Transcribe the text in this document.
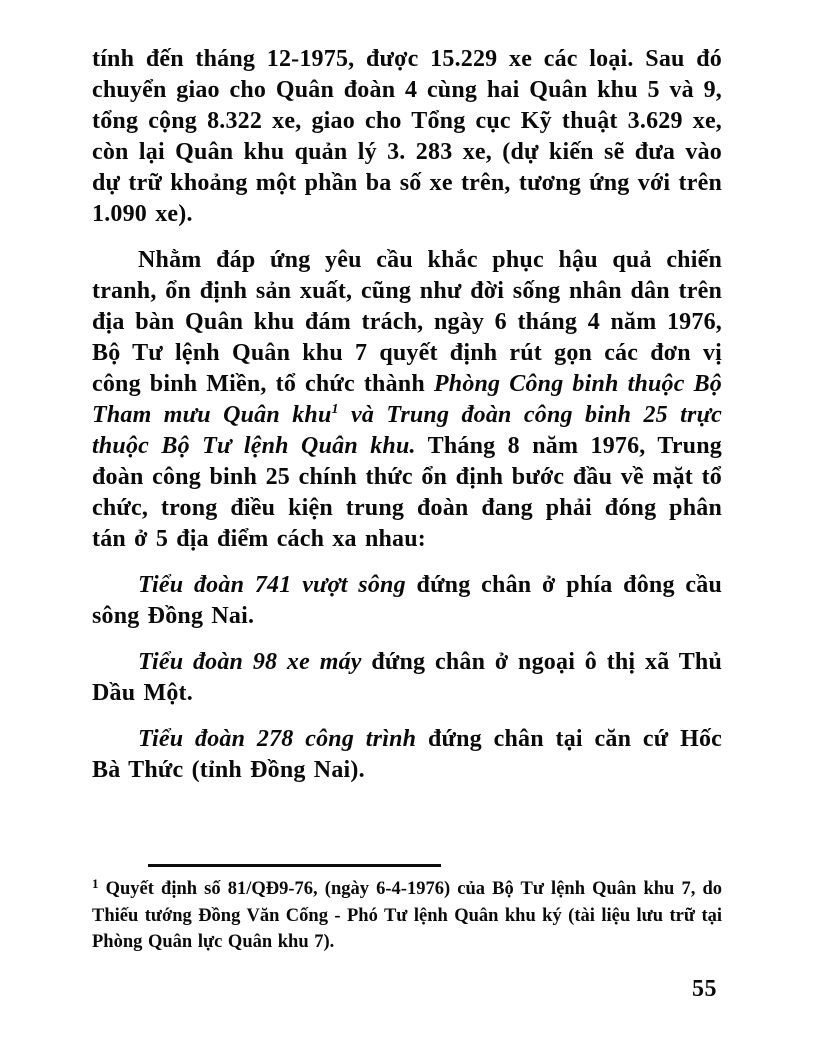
tính đến tháng 12-1975, được 15.229 xe các loại. Sau đó chuyển giao cho Quân đoàn 4 cùng hai Quân khu 5 và 9, tổng cộng 8.322 xe, giao cho Tổng cục Kỹ thuật 3.629 xe, còn lại Quân khu quản lý 3. 283 xe, (dự kiến sẽ đưa vào dự trữ khoảng một phần ba số xe trên, tương ứng với trên 1.090 xe).

Nhằm đáp ứng yêu cầu khắc phục hậu quả chiến tranh, ổn định sản xuất, cũng như đời sống nhân dân trên địa bàn Quân khu đám trách, ngày 6 tháng 4 năm 1976, Bộ Tư lệnh Quân khu 7 quyết định rút gọn các đơn vị công binh Miền, tổ chức thành Phòng Công binh thuộc Bộ Tham mưu Quân khu$^1$ và Trung đoàn công binh 25 trực thuộc Bộ Tư lệnh Quân khu. Tháng 8 năm 1976, Trung đoàn công binh 25 chính thức ổn định bước đầu về mặt tổ chức, trong điều kiện trung đoàn đang phải đóng phân tán ở 5 địa điểm cách xa nhau:

Tiểu đoàn 741 vượt sông đứng chân ở phía đông cầu sông Đồng Nai.

Tiểu đoàn 98 xe máy đứng chân ở ngoại ô thị xã Thủ Dầu Một.

Tiểu đoàn 278 công trình đứng chân tại căn cứ Hốc Bà Thức (tỉnh Đồng Nai).

$^1$ Quyết định số 81/QĐ9-76, (ngày 6-4-1976) của Bộ Tư lệnh Quân khu 7, do Thiếu tướng Đồng Văn Cống - Phó Tư lệnh Quân khu ký (tài liệu lưu trữ tại Phòng Quân lực Quân khu 7).
55
